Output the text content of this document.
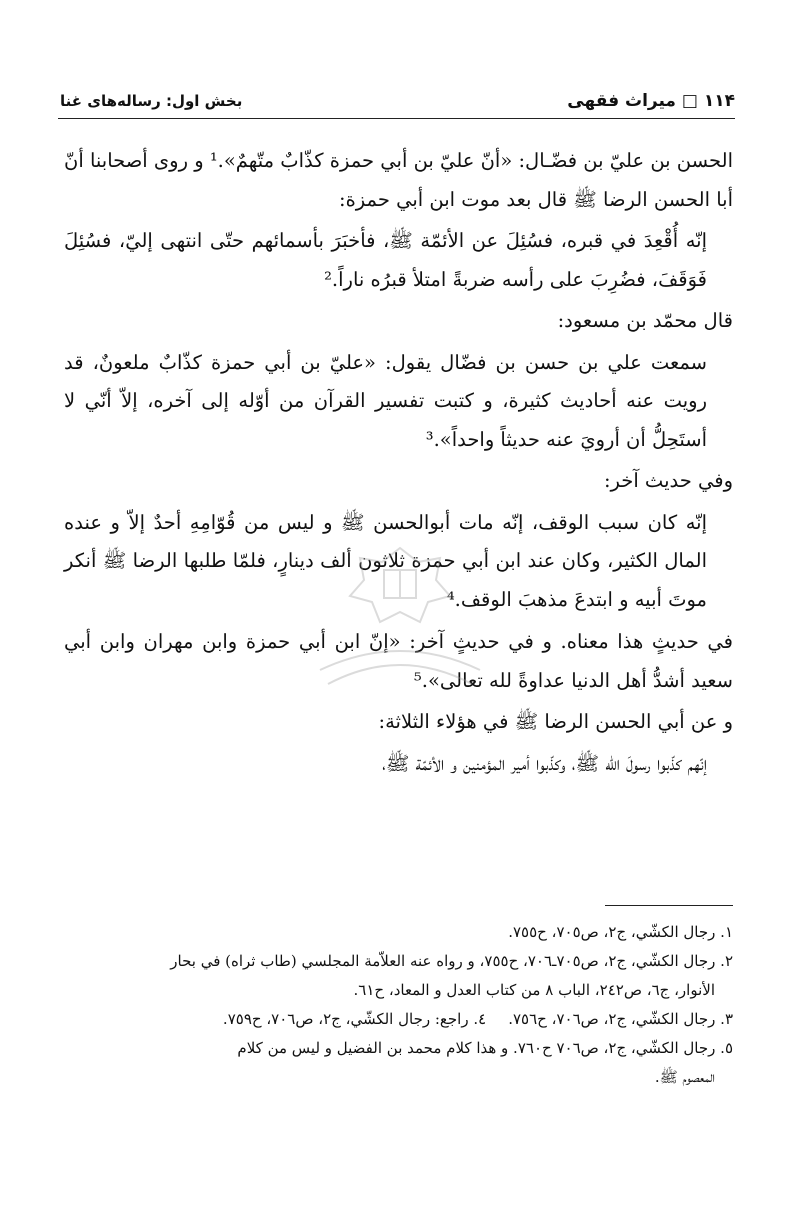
١١۴ □ میراث فقهی
بخش اول: رساله‌های غنا

الحسن بن عليّ بن فضّـال: «أنّ عليّ بن أبي حمزة كذّابٌ متّهمٌ».¹ و روى أصحابنا أنّ أبا الحسن الرضا ﷺ قال بعد موت ابن أبي حمزة:

إنّه أُقْعِدَ في قبره، فسُئِلَ عن الأئمّة ﷺ، فأخبَرَ بأسمائهم حتّى انتهى إليّ، فسُئِلَ فَوَقَفَ، فضُرِبَ على رأسه ضربةً امتلأ قبرُه ناراً.²

قال محمّد بن مسعود:

سمعت علي بن حسن بن فضّال يقول: «عليّ بن أبي حمزة كذّابٌ ملعونٌ، قد رويت عنه أحاديث كثيرة، و كتبت تفسير القرآن من أوّله إلى آخره، إلاّ أنّي لا أستَحِلُّ أن أرويَ عنه حديثاً واحداً».³

وفي حديث آخر:

إنّه كان سبب الوقف، إنّه مات أبوالحسن ﷺ و ليس من قُوّامِهِ أحدٌ إلاّ و عنده المال الكثير، وكان عند ابن أبي حمزة ثلاثون ألف دينارٍ، فلمّا طلبها الرضا ﷺ أنكر موتَ أبيه و ابتدعَ مذهبَ الوقف.⁴

في حديثٍ هذا معناه. و في حديثٍ آخر: «إنّ ابن أبي حمزة وابن مهران وابن أبي سعيد أشدُّ أهل الدنيا عداوةً لله تعالى».⁵

و عن أبي الحسن الرضا ﷺ في هؤلاء الثلاثة:

إنّهم كذّبوا رسولَ الله ﷺ، وكذّبوا أمير المؤمنين و الأئمّة ﷺ،

١. رجال الكشّي، ج٢، ص٧٠٥، ح٧٥٥.

٢. رجال الكشّي، ج٢، ص٧٠٥ـ٧٠٦، ح٧٥٥، و رواه عنه العلاّمة المجلسي (طاب ثراه) في بحار

الأنوار، ج٦، ص٢٤٢، الباب ٨ من كتاب العدل و المعاد، ح٦١.

٣. رجال الكشّي، ج٢، ص٧٠٦، ح٧٥٦.٤. راجع: رجال الكشّي، ج٢، ص٧٠٦، ح٧٥٩.

٥. رجال الكشّي، ج٢، ص٧٠٦ ح٧٦٠. و هذا كلام محمد بن الفضيل و ليس من كلام

المعصوم ﷺ.
